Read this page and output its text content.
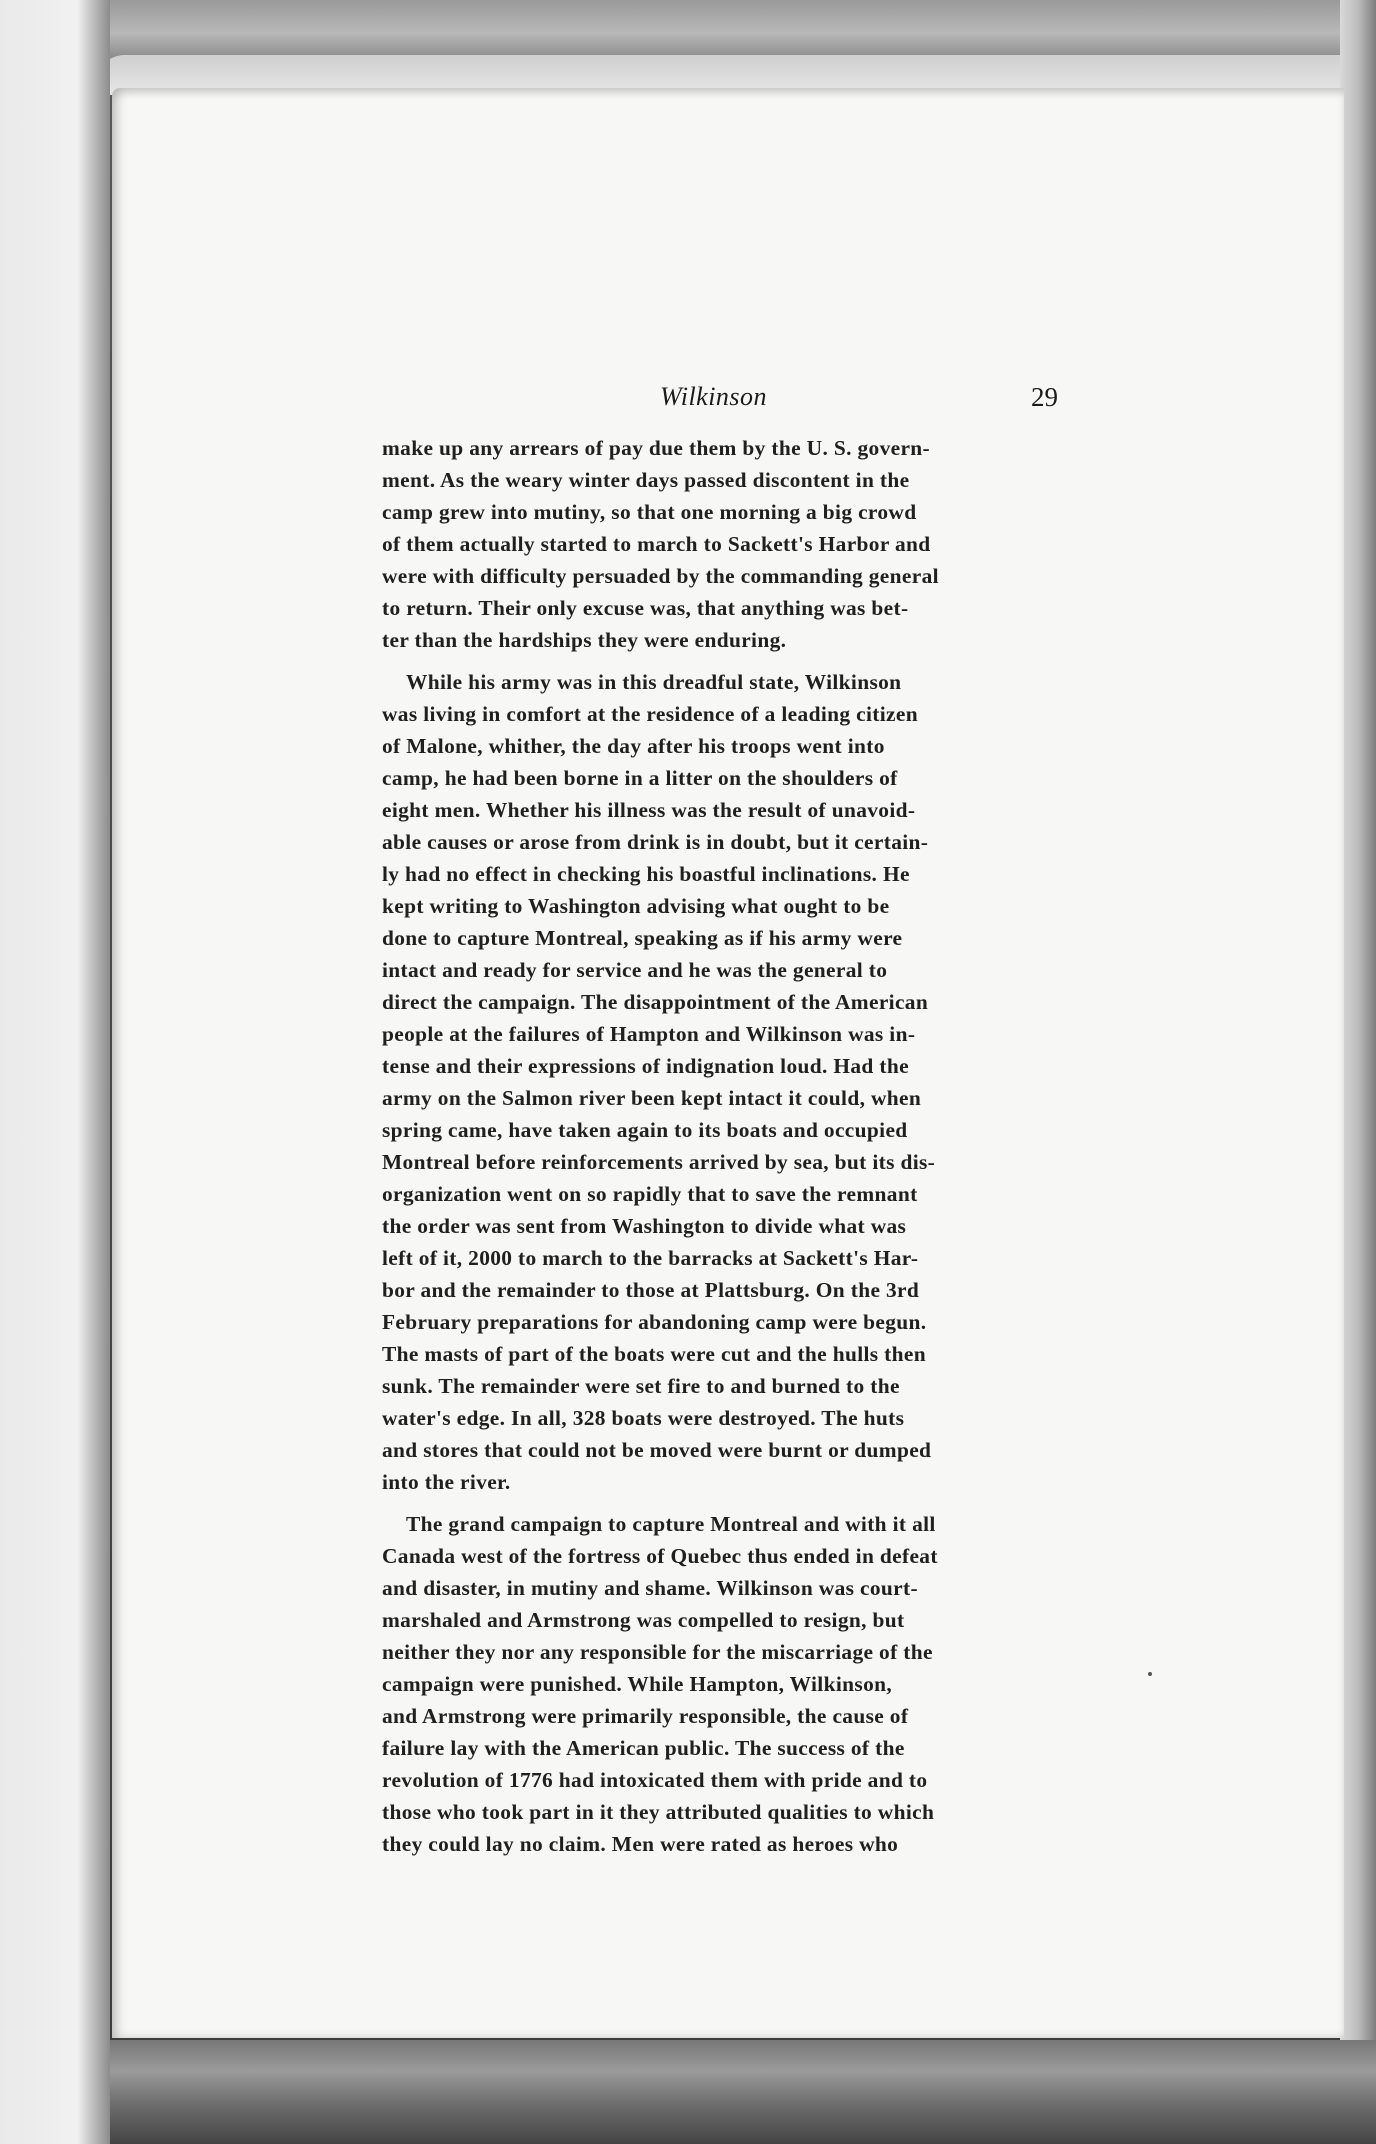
Wilkinson	29
make up any arrears of pay due them by the U. S. govern-
ment. As the weary winter days passed discontent in the
camp grew into mutiny, so that one morning a big crowd
of them actually started to march to Sackett's Harbor and
were with difficulty persuaded by the commanding general
to return. Their only excuse was, that anything was bet-
ter than the hardships they were enduring.
While his army was in this dreadful state, Wilkinson
was living in comfort at the residence of a leading citizen
of Malone, whither, the day after his troops went into
camp, he had been borne in a litter on the shoulders of
eight men. Whether his illness was the result of unavoid-
able causes or arose from drink is in doubt, but it certain-
ly had no effect in checking his boastful inclinations. He
kept writing to Washington advising what ought to be
done to capture Montreal, speaking as if his army were
intact and ready for service and he was the general to
direct the campaign. The disappointment of the American
people at the failures of Hampton and Wilkinson was in-
tense and their expressions of indignation loud. Had the
army on the Salmon river been kept intact it could, when
spring came, have taken again to its boats and occupied
Montreal before reinforcements arrived by sea, but its dis-
organization went on so rapidly that to save the remnant
the order was sent from Washington to divide what was
left of it, 2000 to march to the barracks at Sackett's Har-
bor and the remainder to those at Plattsburg. On the 3rd
February preparations for abandoning camp were begun.
The masts of part of the boats were cut and the hulls then
sunk. The remainder were set fire to and burned to the
water's edge. In all, 328 boats were destroyed. The huts
and stores that could not be moved were burnt or dumped
into the river.
The grand campaign to capture Montreal and with it all
Canada west of the fortress of Quebec thus ended in defeat
and disaster, in mutiny and shame. Wilkinson was court-
marshaled and Armstrong was compelled to resign, but
neither they nor any responsible for the miscarriage of the
campaign were punished. While Hampton, Wilkinson,
and Armstrong were primarily responsible, the cause of
failure lay with the American public. The success of the
revolution of 1776 had intoxicated them with pride and to
those who took part in it they attributed qualities to which
they could lay no claim. Men were rated as heroes who
